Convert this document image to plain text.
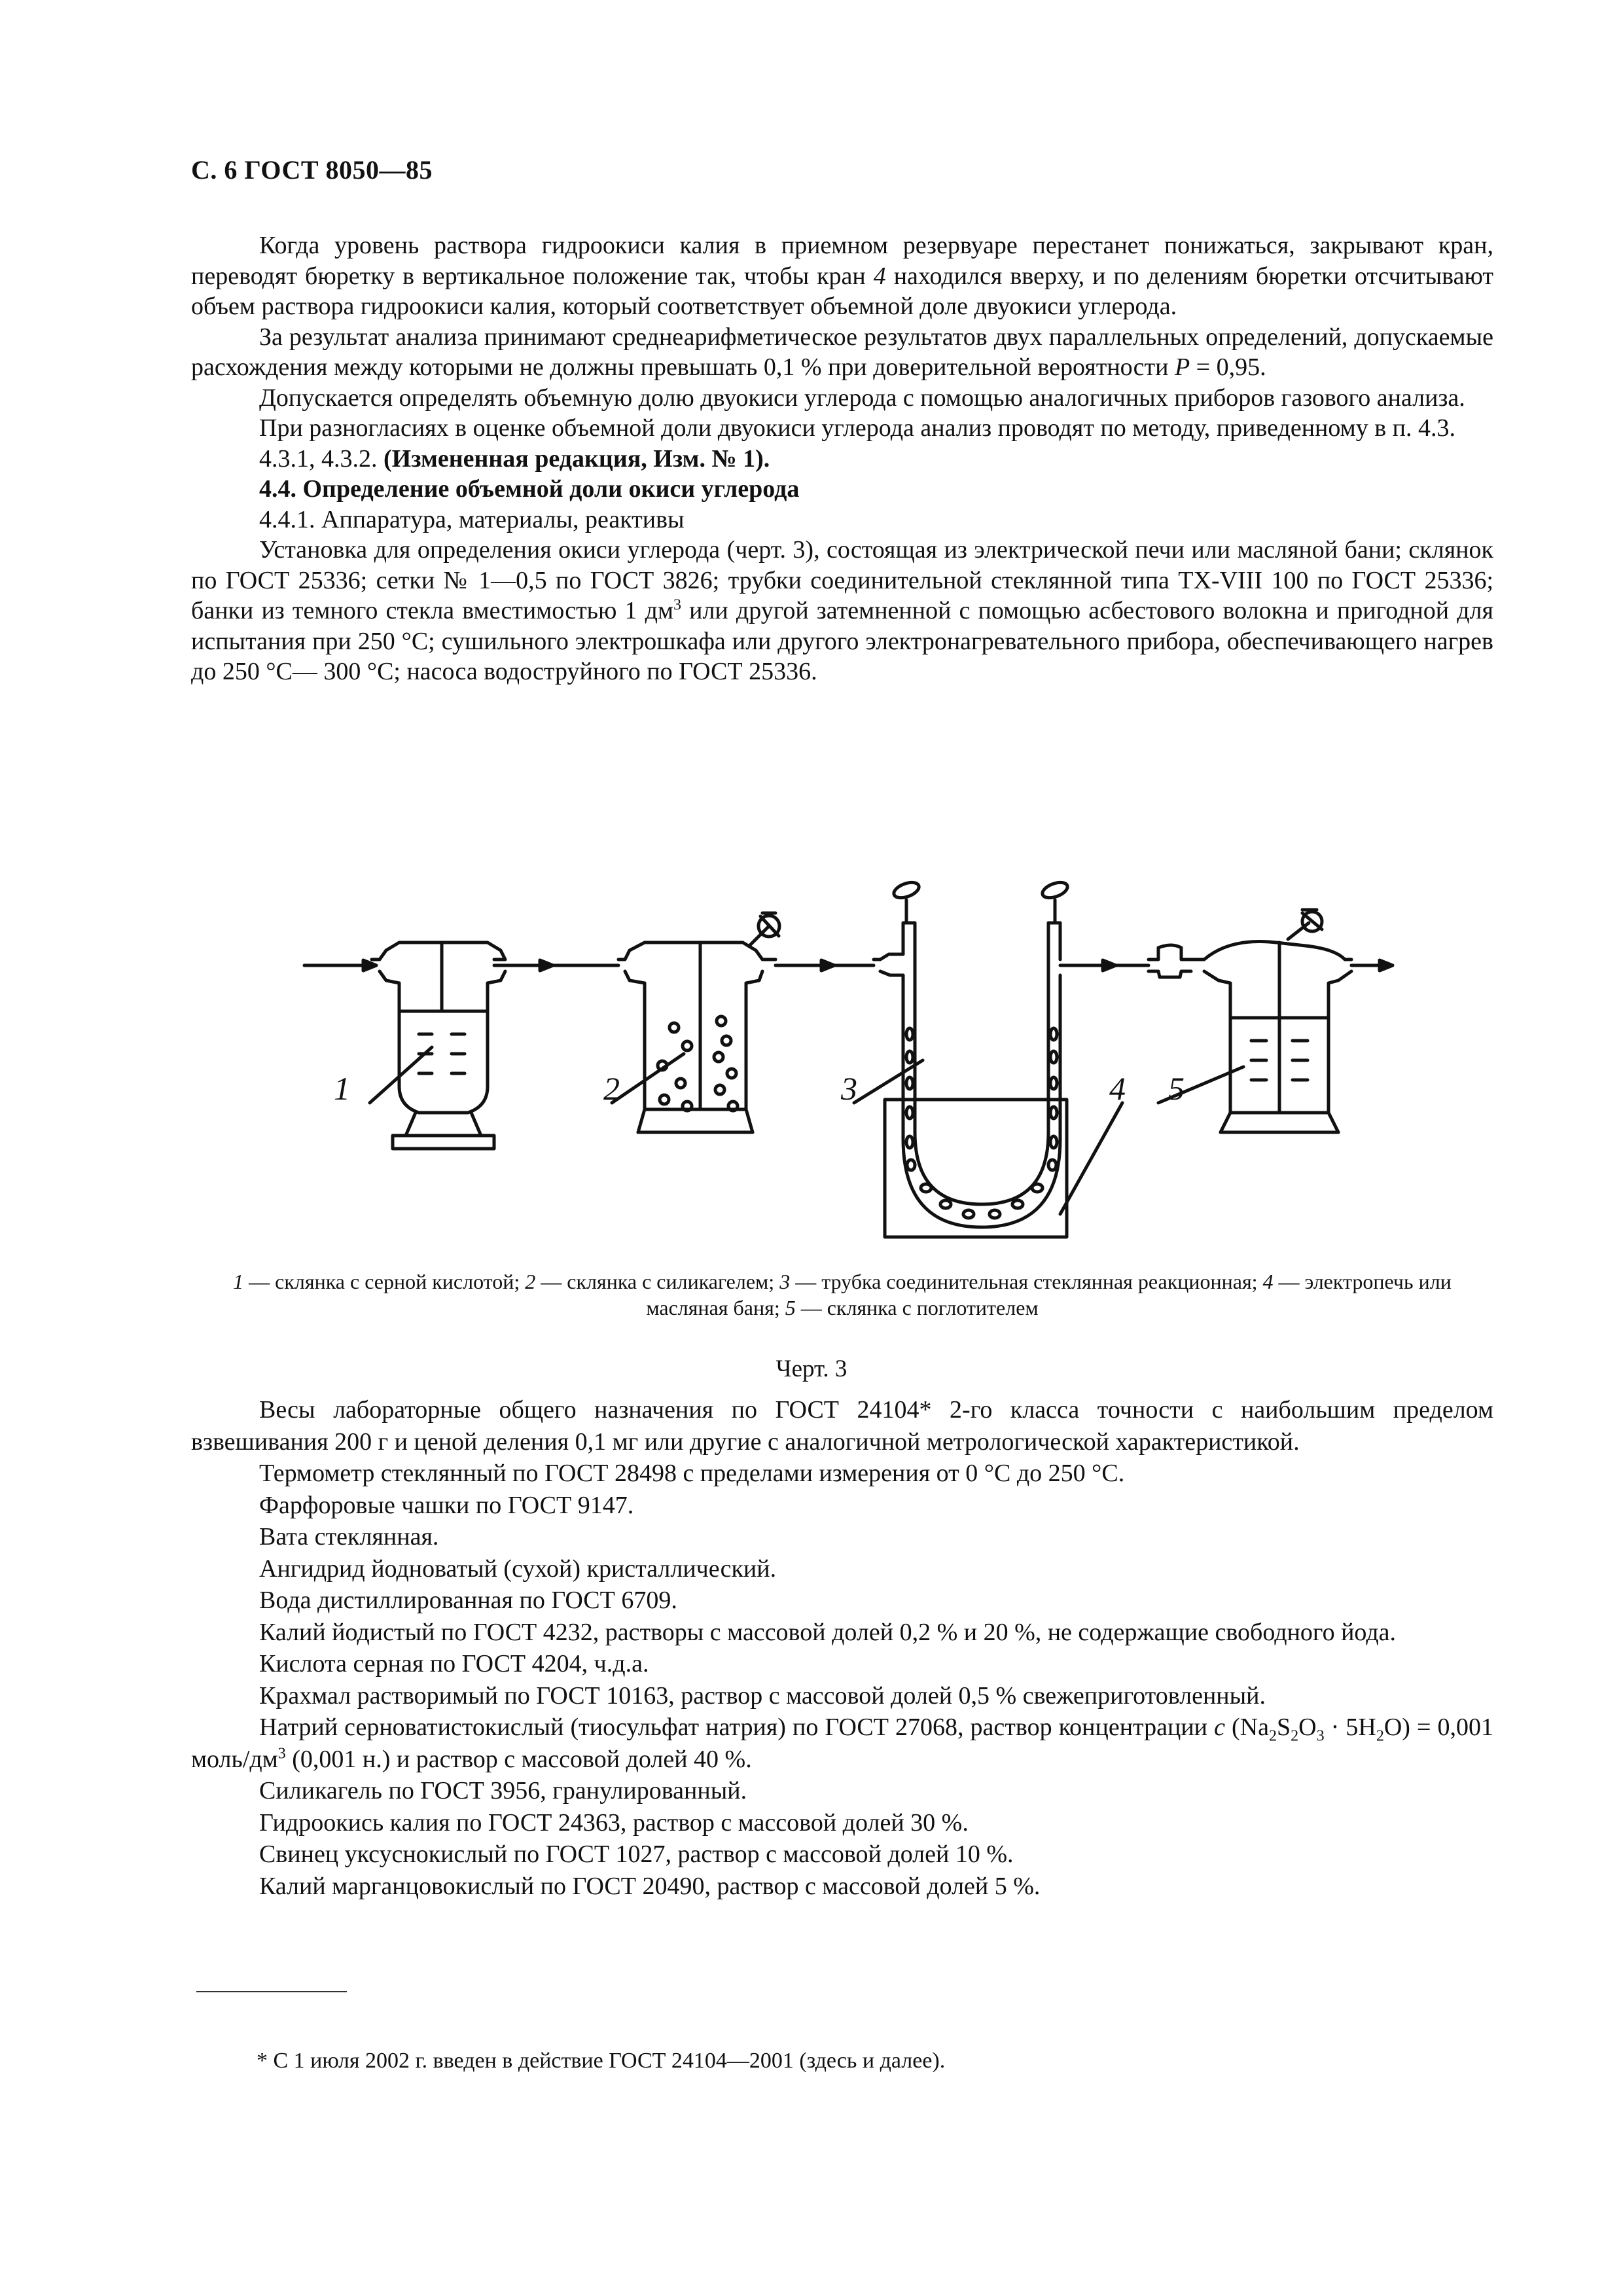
С. 6 ГОСТ 8050—85

Когда уровень раствора гидроокиси калия в приемном резервуаре перестанет понижаться, закрывают кран, переводят бюретку в вертикальное положение так, чтобы кран 4 находился вверху, и по делениям бюретки отсчитывают объем раствора гидроокиси калия, который соответствует объемной доле двуокиси углерода.

За результат анализа принимают среднеарифметическое результатов двух параллельных определений, допускаемые расхождения между которыми не должны превышать 0,1 % при доверительной вероятности P = 0,95.

Допускается определять объемную долю двуокиси углерода с помощью аналогичных приборов газового анализа.

При разногласиях в оценке объемной доли двуокиси углерода анализ проводят по методу, приведенному в п. 4.3.

4.3.1, 4.3.2. (Измененная редакция, Изм. № 1).

4.4. Определение объемной доли окиси углерода

4.4.1. Аппаратура, материалы, реактивы

Установка для определения окиси углерода (черт. 3), состоящая из электрической печи или масляной бани; склянок по ГОСТ 25336; сетки № 1—0,5 по ГОСТ 3826; трубки соединительной стеклянной типа ТХ-VIII 100 по ГОСТ 25336; банки из темного стекла вместимостью 1 $дм^3$ или другой затемненной с помощью асбестового волокна и пригодной для испытания при 250 °С; сушильного электрошкафа или другого электронагревательного прибора, обеспечивающего нагрев до 250 °С— 300 °С; насоса водоструйного по ГОСТ 25336.

1	2	3	4 5
1 — склянка с серной кислотой; 2 — склянка с силикагелем; 3 — трубка соединительная стеклянная реакционная; 4 — электропечь или масляная баня; 5 — склянка с поглотителем
Черт. 3

Весы лабораторные общего назначения по ГОСТ 24104* 2-го класса точности с наибольшим пределом взвешивания 200 г и ценой деления 0,1 мг или другие с аналогичной метрологической характеристикой.

Термометр стеклянный по ГОСТ 28498 с пределами измерения от 0 °С до 250 °С.

Фарфоровые чашки по ГОСТ 9147.

Вата стеклянная.

Ангидрид йодноватый (сухой) кристаллический.

Вода дистиллированная по ГОСТ 6709.

Калий йодистый по ГОСТ 4232, растворы с массовой долей 0,2 % и 20 %, не содержащие свободного йода.

Кислота серная по ГОСТ 4204, ч.д.а.

Крахмал растворимый по ГОСТ 10163, раствор с массовой долей 0,5 % свежеприготовленный.

Натрий серноватистокислый (тиосульфат натрия) по ГОСТ 27068, раствор концентрации c $(Na_2S_2O_3 \cdot 5H_2O) = 0,001$ моль/$дм^3$ (0,001 н.) и раствор с массовой долей 40 %.

Силикагель по ГОСТ 3956, гранулированный.

Гидроокись калия по ГОСТ 24363, раствор с массовой долей 30 %.

Свинец уксуснокислый по ГОСТ 1027, раствор с массовой долей 10 %.

Калий марганцовокислый по ГОСТ 20490, раствор с массовой долей 5 %.

* C 1 июля 2002 г. введен в действие ГОСТ 24104—2001 (здесь и далее).
